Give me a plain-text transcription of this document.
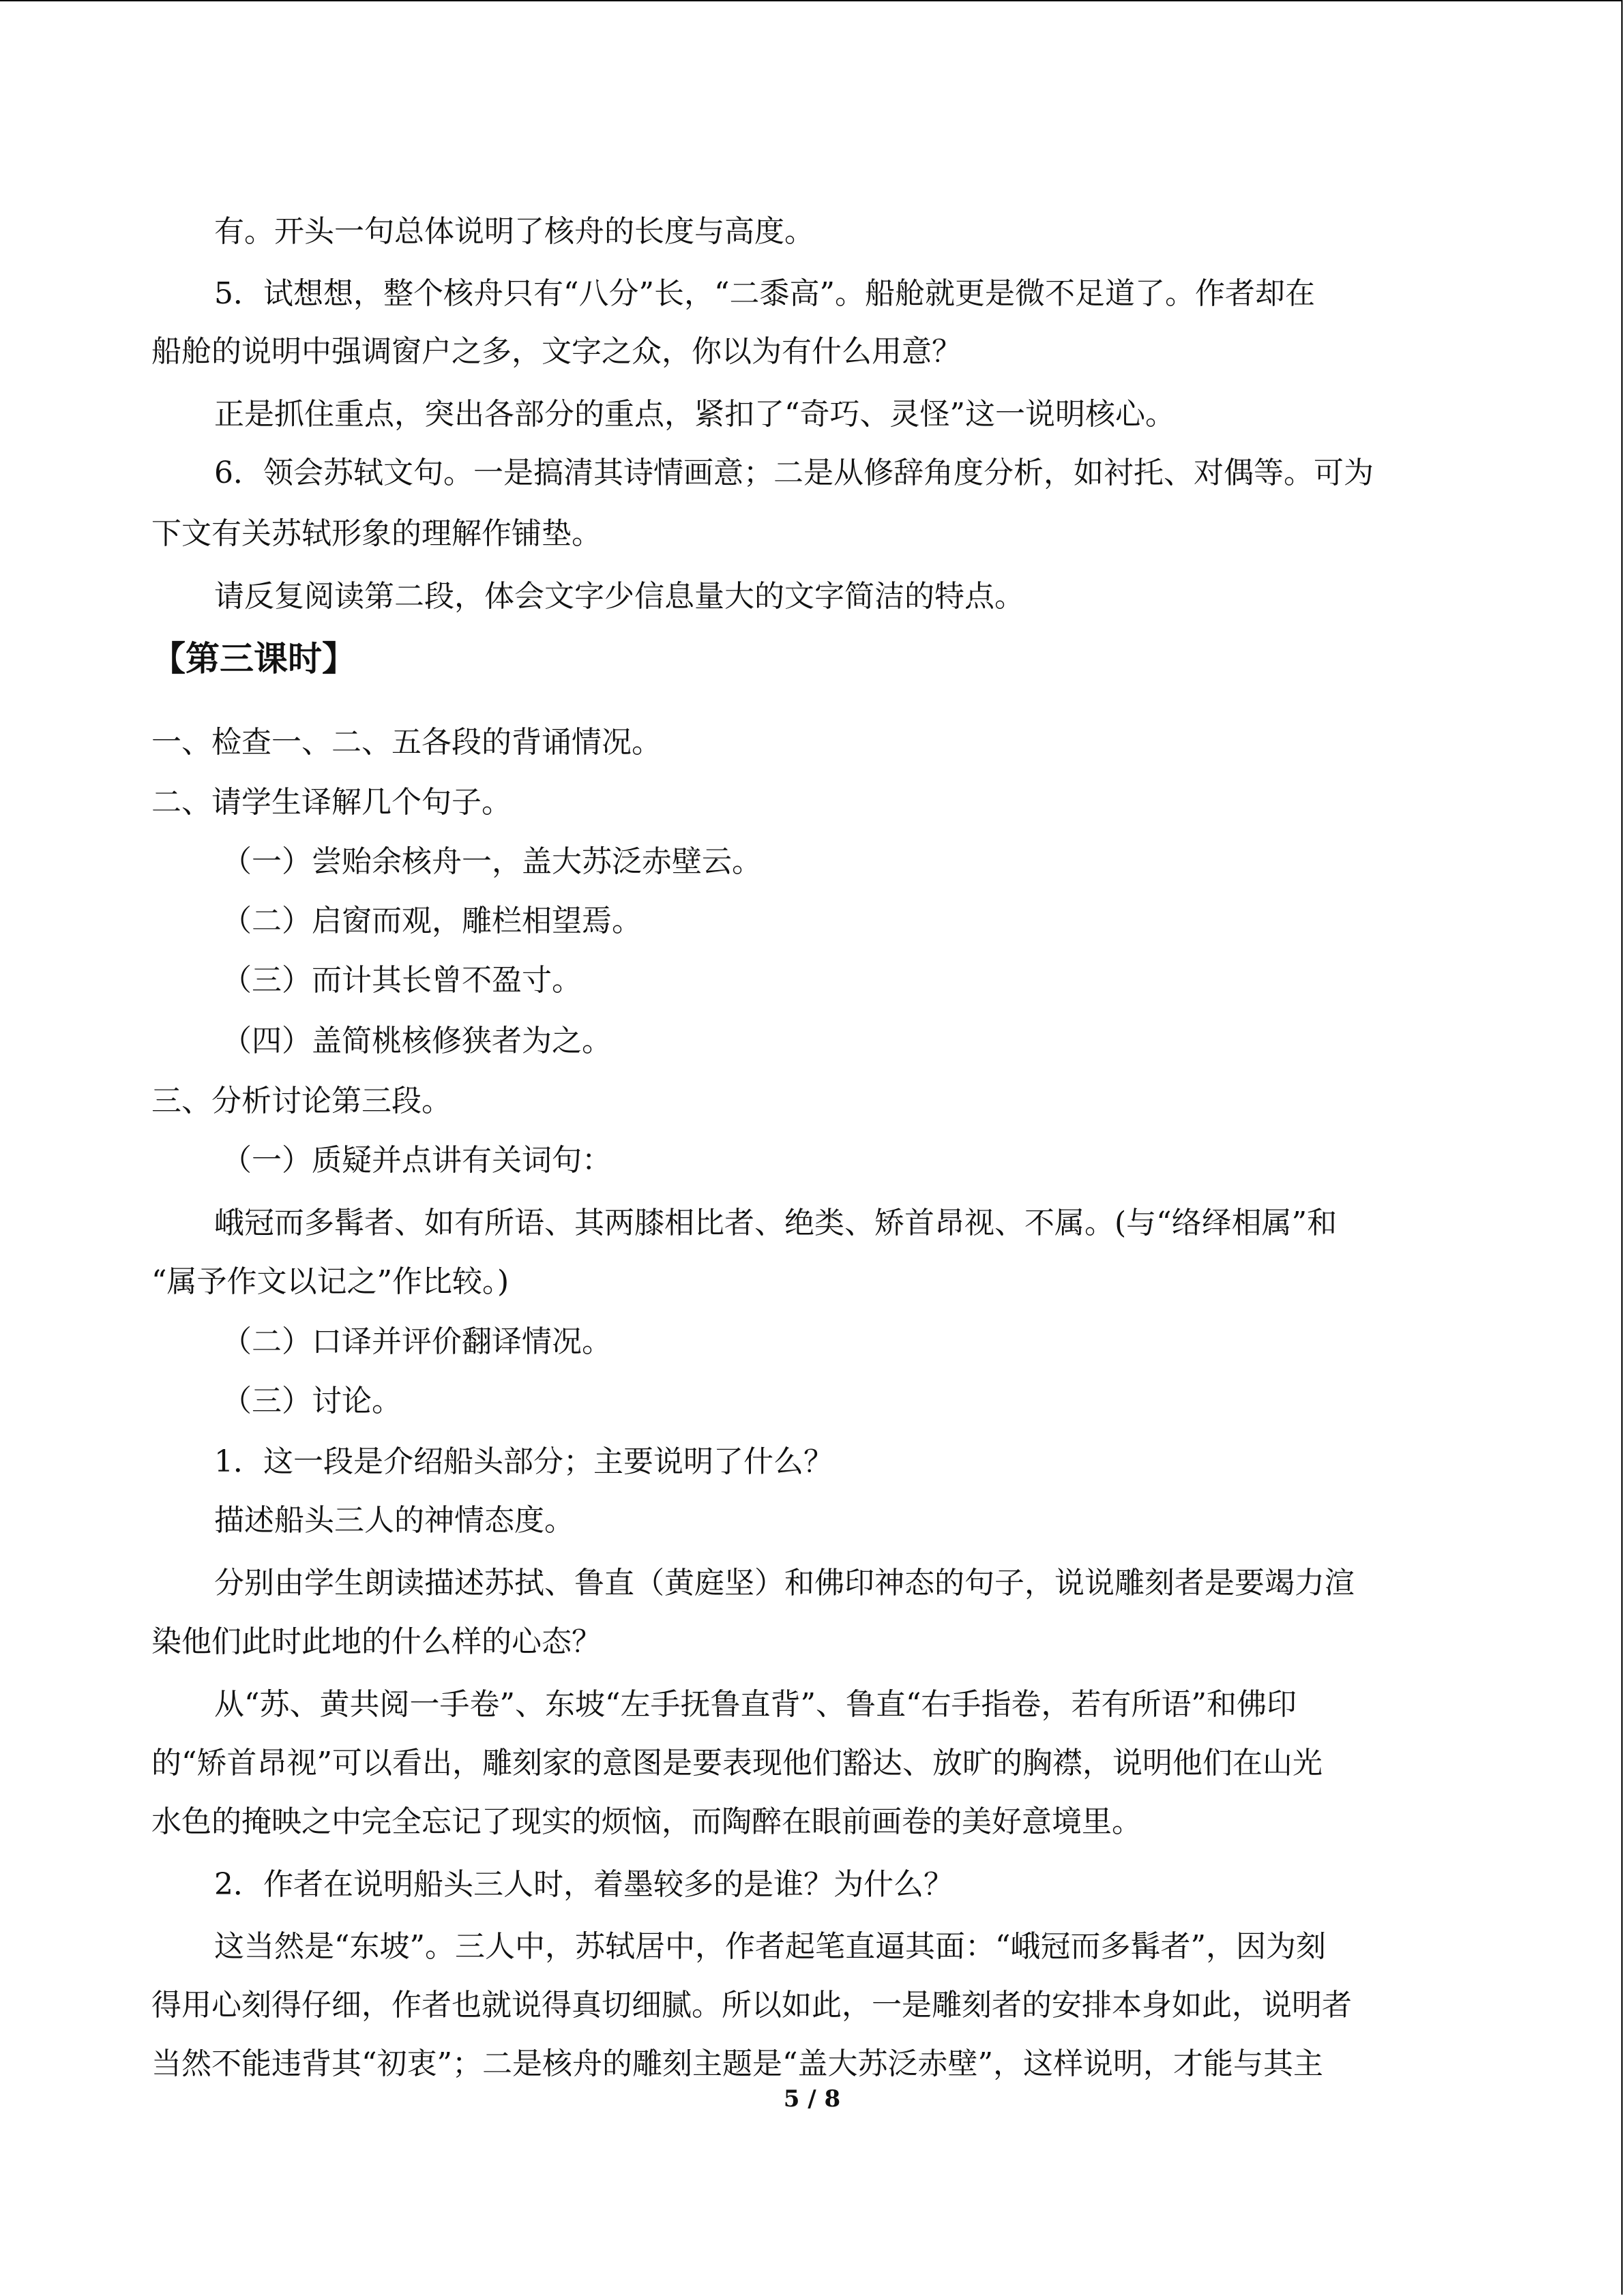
有。开头一句总体说明了核舟的长度与高度。
5．试想想，整个核舟只有“八分”长，“二黍高”。船舱就更是微不足道了。作者却在
船舱的说明中强调窗户之多，文字之众，你以为有什么用意？
正是抓住重点，突出各部分的重点，紧扣了“奇巧、灵怪”这一说明核心。
6．领会苏轼文句。一是搞清其诗情画意；二是从修辞角度分析，如衬托、对偶等。可为
下文有关苏轼形象的理解作铺垫。
请反复阅读第二段，体会文字少信息量大的文字简洁的特点。
【第三课时】
一、检查一、二、五各段的背诵情况。
二、请学生译解几个句子。
（一）尝贻余核舟一，盖大苏泛赤壁云。
（二）启窗而观，雕栏相望焉。
（三）而计其长曾不盈寸。
（四）盖简桃核修狭者为之。
三、分析讨论第三段。
（一）质疑并点讲有关词句：
峨冠而多髯者、如有所语、其两膝相比者、绝类、矫首昂视、不属。(与“络绎相属”和
“属予作文以记之”作比较。)
（二）口译并评价翻译情况。
（三）讨论。
1．这一段是介绍船头部分；主要说明了什么？
描述船头三人的神情态度。
分别由学生朗读描述苏拭、鲁直（黄庭坚）和佛印神态的句子，说说雕刻者是要竭力渲
染他们此时此地的什么样的心态？
从“苏、黄共阅一手卷”、东坡“左手抚鲁直背”、鲁直“右手指卷，若有所语”和佛印
的“矫首昂视”可以看出，雕刻家的意图是要表现他们豁达、放旷的胸襟，说明他们在山光
水色的掩映之中完全忘记了现实的烦恼，而陶醉在眼前画卷的美好意境里。
2．作者在说明船头三人时，着墨较多的是谁？为什么？
这当然是“东坡”。三人中，苏轼居中，作者起笔直逼其面：“峨冠而多髯者”，因为刻
得用心刻得仔细，作者也就说得真切细腻。所以如此，一是雕刻者的安排本身如此，说明者
当然不能违背其“初衷”；二是核舟的雕刻主题是“盖大苏泛赤壁”，这样说明，才能与其主
5 / 8
